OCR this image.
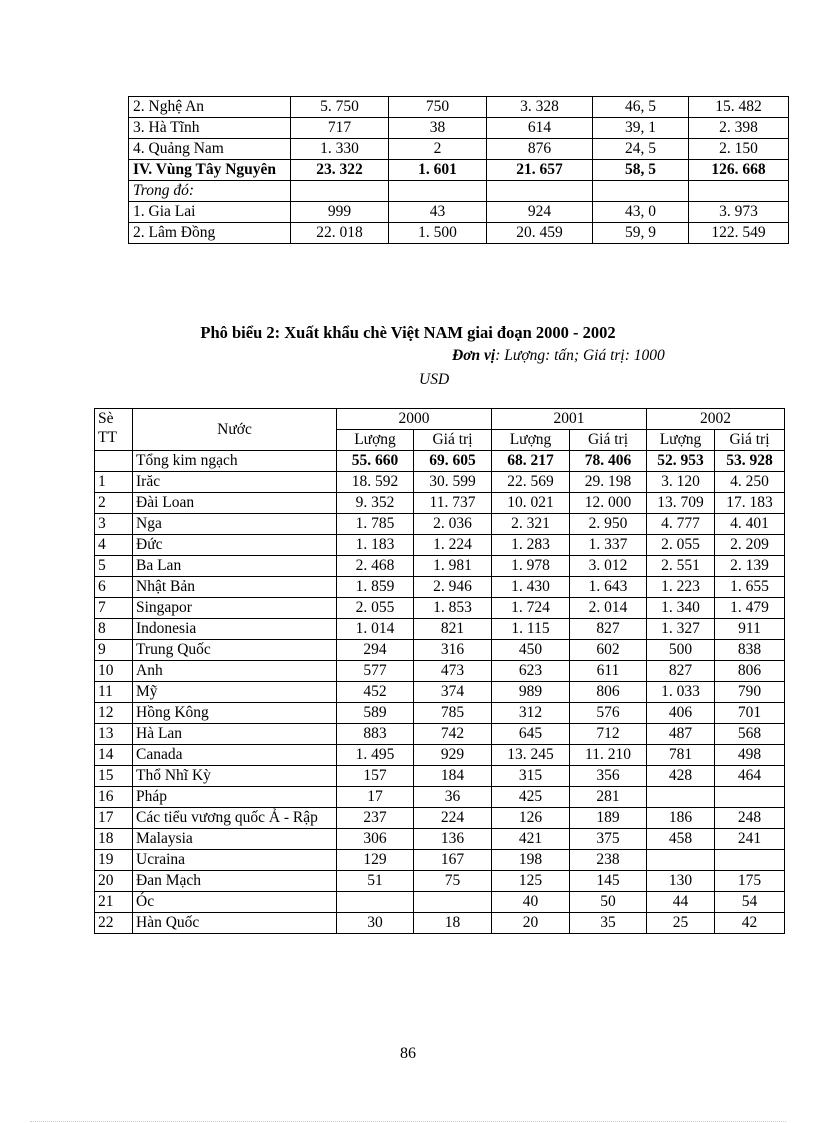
2. Nghệ An	5. 750	750	3. 328	46, 5	15. 482
3. Hà Tĩnh	717	38	614	39, 1	2. 398
4. Quảng Nam	1. 330	2	876	24, 5	2. 150
IV. Vùng Tây Nguyên	23. 322	1. 601	21. 657	58, 5	126. 668
Trong đó:					
1. Gia Lai	999	43	924	43, 0	3. 973
2. Lâm Đồng	22. 018	1. 500	20. 459	59, 9	122. 549
Phô biểu 2: Xuất khẩu chè Việt NAM giai đoạn 2000 - 2002
Đơn vị: Lượng: tấn; Giá trị: 1000
USD
Sè TT	Nước	2000		2001		2002	
		Lượng	Giá trị	Lượng	Giá trị	Lượng	Giá trị
	Tổng kim ngạch	55. 660	69. 605	68. 217	78. 406	52. 953	53. 928
1	Irăc	18. 592	30. 599	22. 569	29. 198	3. 120	4. 250
2	Đài Loan	9. 352	11. 737	10. 021	12. 000	13. 709	17. 183
3	Nga	1. 785	2. 036	2. 321	2. 950	4. 777	4. 401
4	Đức	1. 183	1. 224	1. 283	1. 337	2. 055	2. 209
5	Ba Lan	2. 468	1. 981	1. 978	3. 012	2. 551	2. 139
6	Nhật Bản	1. 859	2. 946	1. 430	1. 643	1. 223	1. 655
7	Singapor	2. 055	1. 853	1. 724	2. 014	1. 340	1. 479
8	Indonesia	1. 014	821	1. 115	827	1. 327	911
9	Trung Quốc	294	316	450	602	500	838
10	Anh	577	473	623	611	827	806
11	Mỹ	452	374	989	806	1. 033	790
12	Hồng Kông	589	785	312	576	406	701
13	Hà Lan	883	742	645	712	487	568
14	Canada	1. 495	929	13. 245	11. 210	781	498
15	Thổ Nhĩ Kỳ	157	184	315	356	428	464
16	Pháp	17	36	425	281		
17	Các tiểu vương quốc Ả - Rập	237	224	126	189	186	248
18	Malaysia	306	136	421	375	458	241
19	Ucraina	129	167	198	238		
20	Đan Mạch	51	75	125	145	130	175
21	Óc			40	50	44	54
22	Hàn Quốc	30	18	20	35	25	42
86
